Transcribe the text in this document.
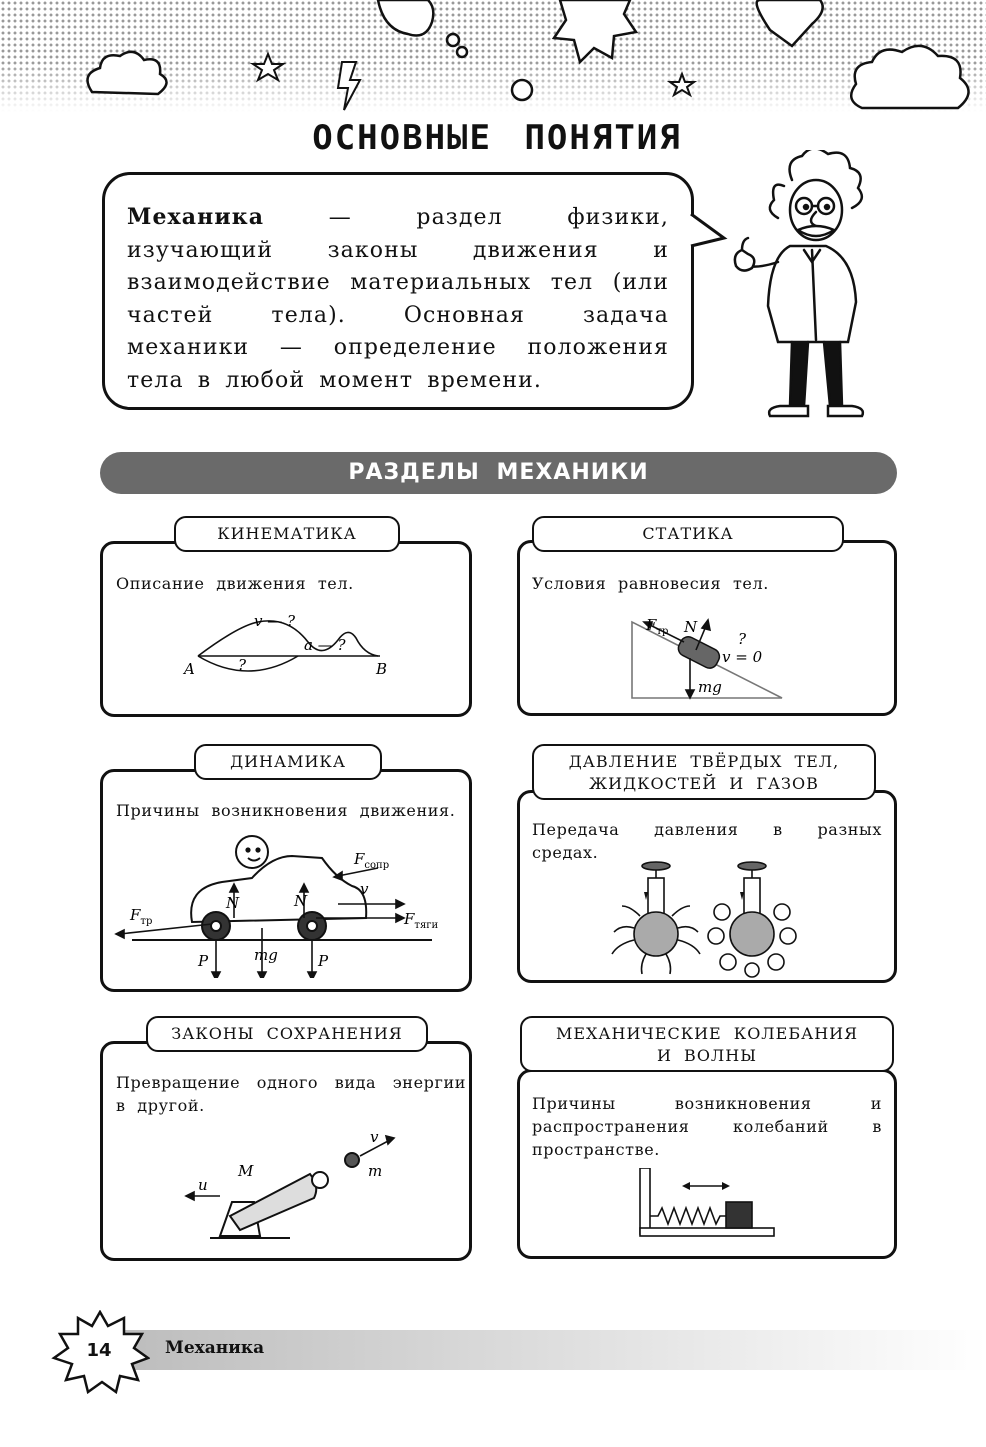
ОСНОВНЫЕ ПОНЯТИЯ

Механика — раздел физики, изучающий законы движения и взаимодействие материальных тел (или частей тела). Основная задача механики — определение положения тела в любой момент времени.

РАЗДЕЛЫ МЕХАНИКИ
КИНЕМАТИКА
Описание движения тел.
v — ?
a — ?
?
A	B
СТАТИКА
Условия равновесия тел.
$F_{тр}$ N
?
v = 0
mg
ДИНАМИКА
Причины возникновения движения.
$F_{сопр}$
v
N	N
$F_{тр}$	$F_{тяги}$
P	mg	P
ДАВЛЕНИЕ ТВЁРДЫХ ТЕЛ,
ЖИДКОСТЕЙ И ГАЗОВ
Передача давления в разных средах.
ЗАКОНЫ СОХРАНЕНИЯ
Превращение одного вида энергии в другой.
M
u
v
m
МЕХАНИЧЕСКИЕ КОЛЕБАНИЯ
И ВОЛНЫ
Причины возникновения и распространения колебаний в пространстве.
Механика
14
